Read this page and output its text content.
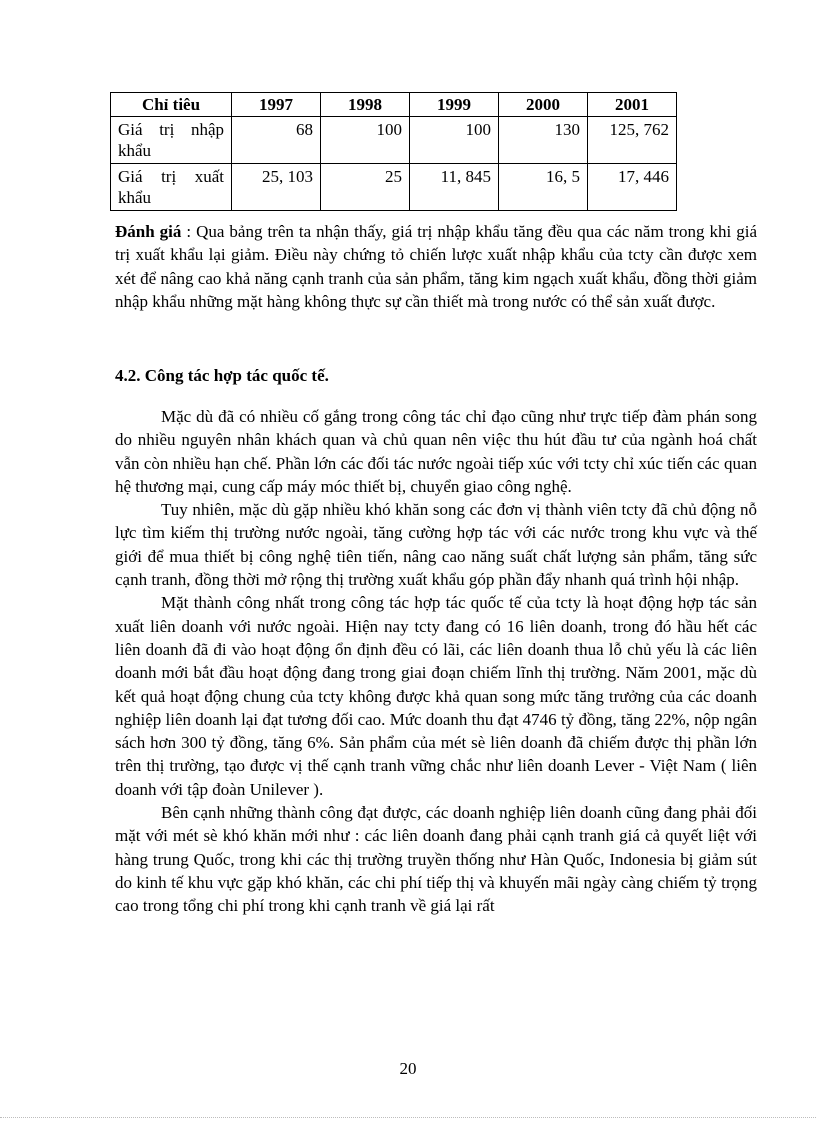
Chỉ tiêu	1997	1998	1999	2000	2001
Giá trị nhập khẩu	68	100	100	130	125, 762
Giá trị xuất khẩu	25, 103	25	11, 845	16, 5	17, 446

Đánh giá : Qua bảng trên ta nhận thấy, giá trị nhập khẩu tăng đều qua các năm trong khi giá trị xuất khẩu lại giảm. Điều này chứng tỏ chiến lược xuất nhập khẩu của tcty cần được xem xét để nâng cao khả năng cạnh tranh của sản phẩm, tăng kim ngạch xuất khẩu, đồng thời giảm nhập khẩu những mặt hàng không thực sự cần thiết mà trong nước có thể sản xuất được.

4.2. Công tác hợp tác quốc tế.

Mặc dù đã có nhiều cố gắng trong công tác chỉ đạo cũng như trực tiếp đàm phán song do nhiều nguyên nhân khách quan và chủ quan nên việc thu hút đầu tư của ngành hoá chất vẫn còn nhiều hạn chế. Phần lớn các đối tác nước ngoài tiếp xúc với tcty chỉ xúc tiến các quan hệ thương mại, cung cấp máy móc thiết bị, chuyển giao công nghệ.

Tuy nhiên, mặc dù gặp nhiều khó khăn song các đơn vị thành viên tcty đã chủ động nỗ lực tìm kiếm thị trường nước ngoài, tăng cường hợp tác với các nước trong khu vực và thế giới để mua thiết bị công nghệ tiên tiến, nâng cao năng suất chất lượng sản phẩm, tăng sức cạnh tranh, đồng thời mở rộng thị trường xuất khẩu góp phần đẩy nhanh quá trình hội nhập.

Mặt thành công nhất trong công tác hợp tác quốc tế của tcty là hoạt động hợp tác sản xuất liên doanh với nước ngoài. Hiện nay tcty đang có 16 liên doanh, trong đó hầu hết các liên doanh đã đi vào hoạt động ổn định đều có lãi, các liên doanh thua lỗ chủ yếu là các liên doanh mới bắt đầu hoạt động đang trong giai đoạn chiếm lĩnh thị trường. Năm 2001, mặc dù kết quả hoạt động chung của tcty không được khả quan song mức tăng trưởng của các doanh nghiệp liên doanh lại đạt tương đối cao. Mức doanh thu đạt 4746 tỷ đồng, tăng 22%, nộp ngân sách hơn 300 tỷ đồng, tăng 6%. Sản phẩm của mét sè liên doanh đã chiếm được thị phần lớn trên thị trường, tạo được vị thế cạnh tranh vững chắc như liên doanh Lever - Việt Nam ( liên doanh với tập đoàn Unilever ).

Bên cạnh những thành công đạt được, các doanh nghiệp liên doanh cũng đang phải đối mặt với mét sè khó khăn mới như : các liên doanh đang phải cạnh tranh giá cả quyết liệt với hàng trung Quốc, trong khi các thị trường truyền thống như Hàn Quốc, Indonesia bị giảm sút do kinh tế khu vực gặp khó khăn, các chi phí tiếp thị và khuyến mãi ngày càng chiếm tỷ trọng cao trong tổng chi phí trong khi cạnh tranh về giá lại rất

20
